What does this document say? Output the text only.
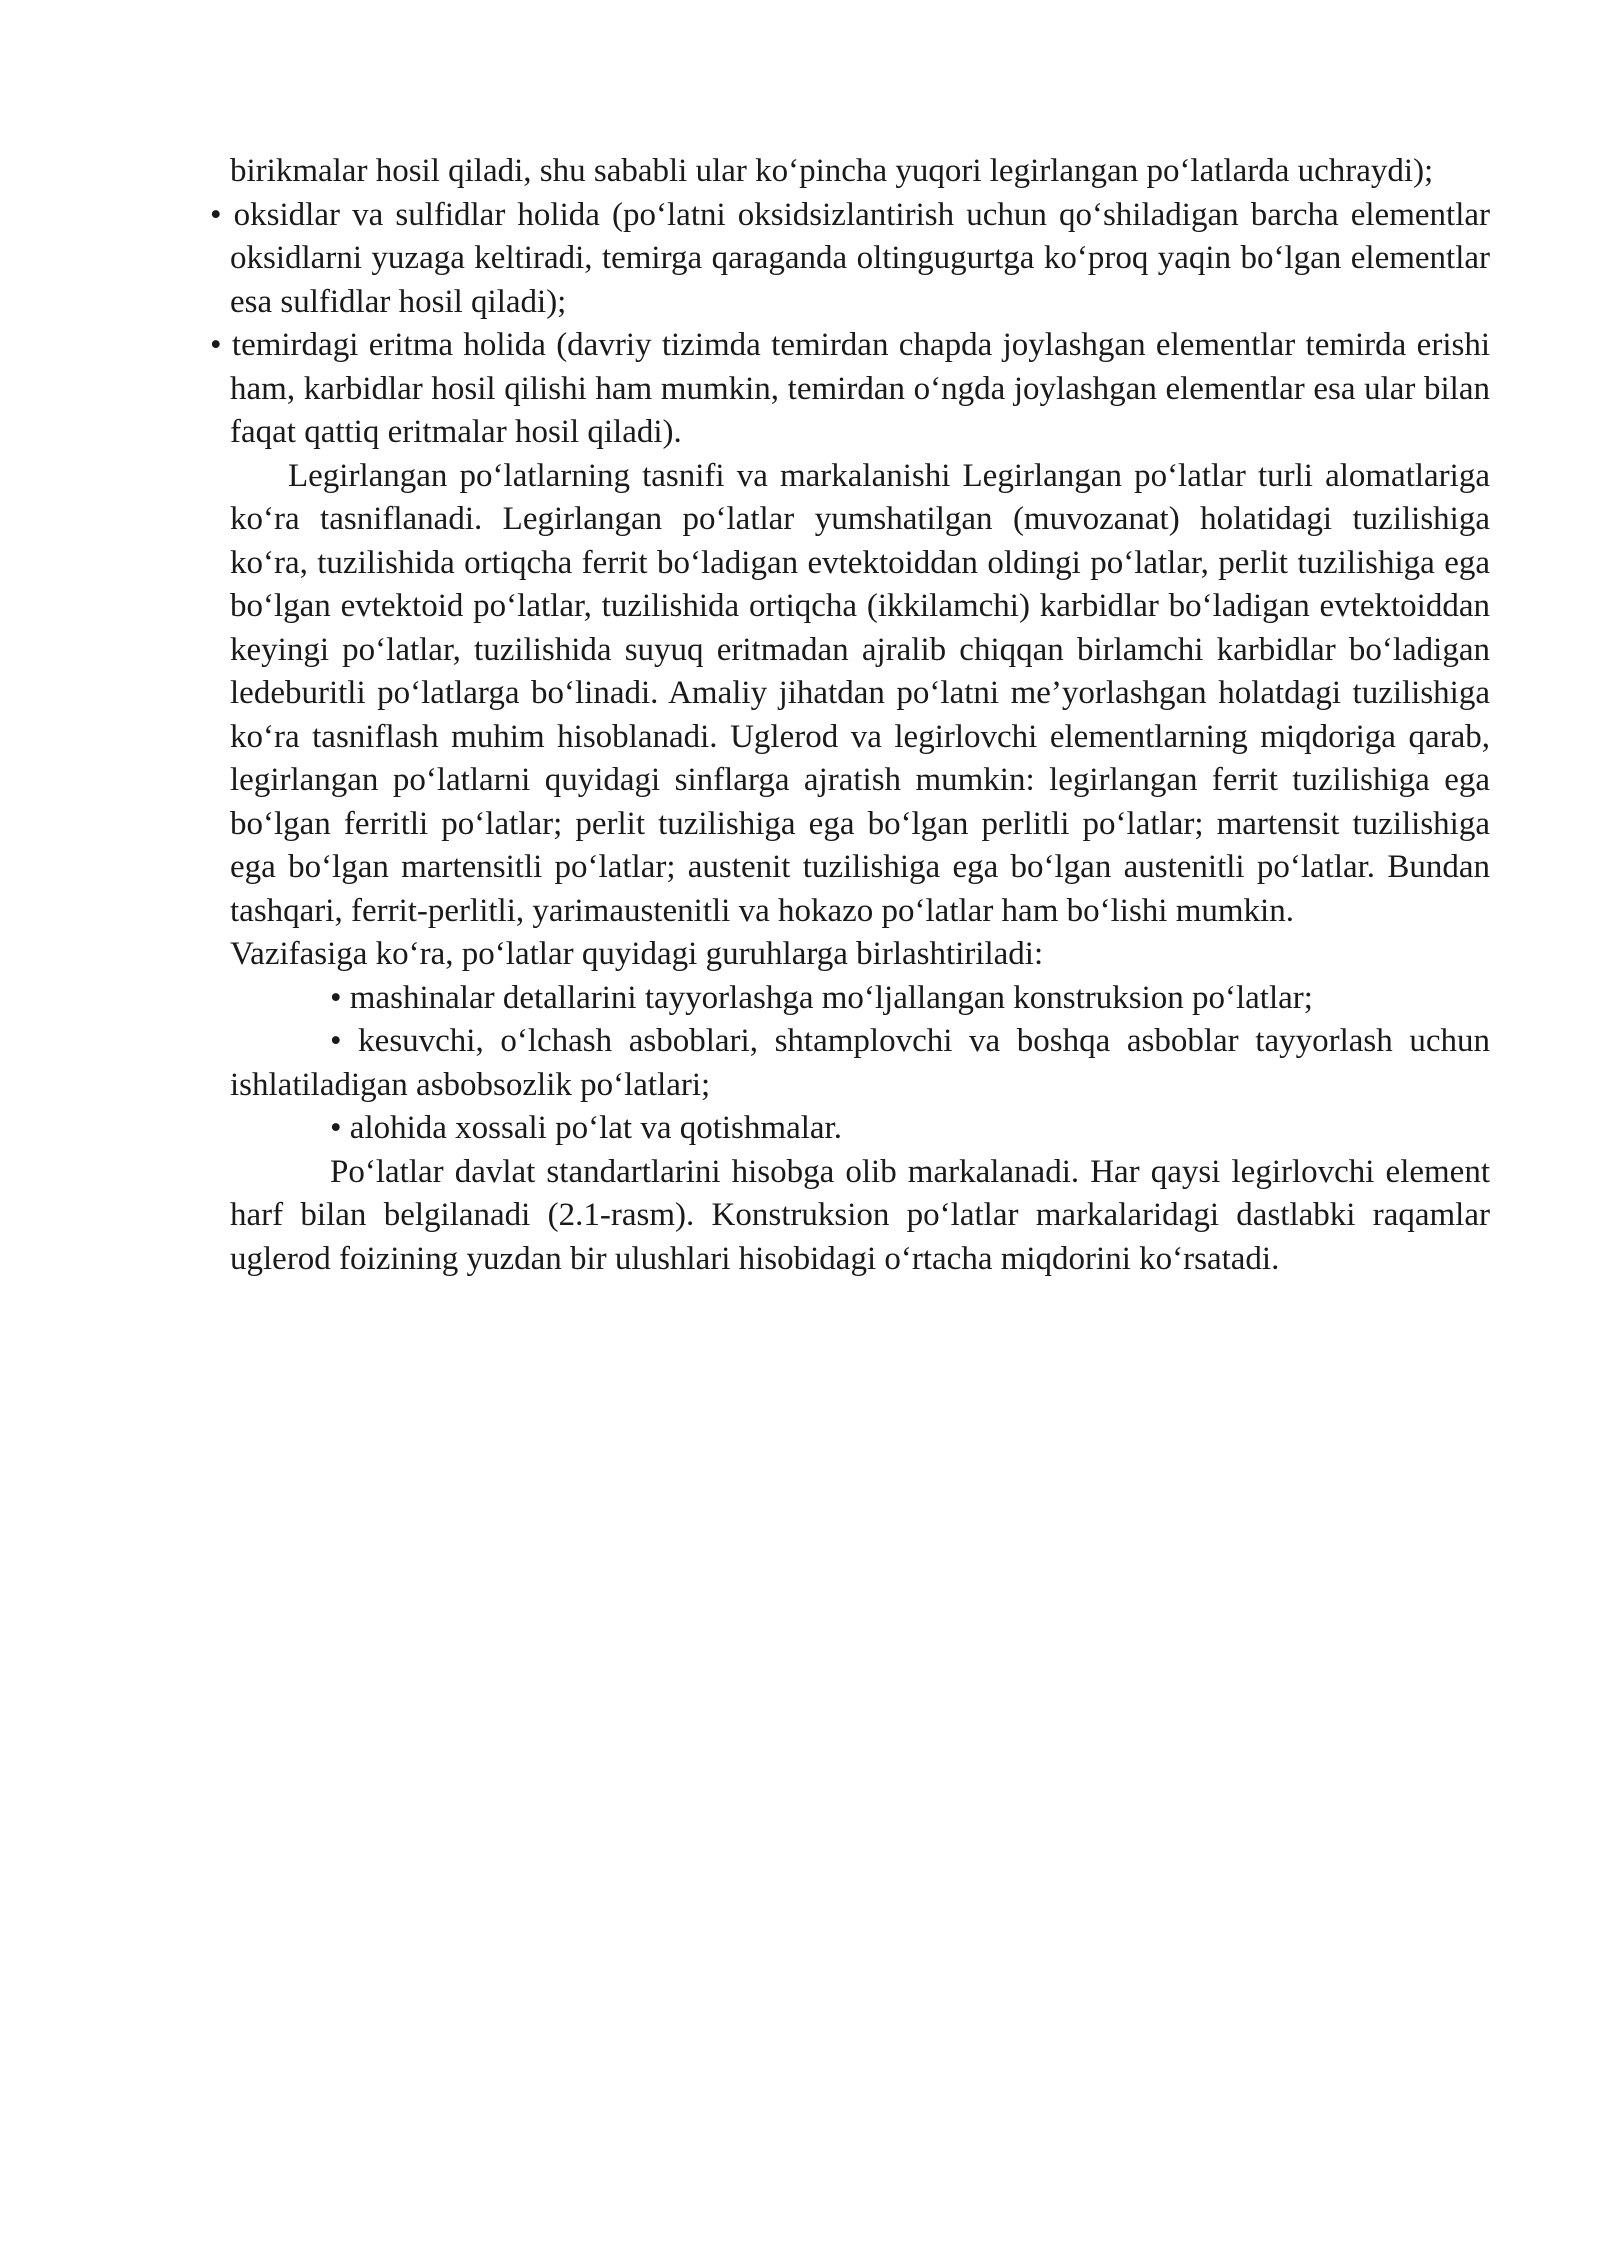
birikmalar hosil qiladi, shu sababli ular ko‘pincha yuqori legirlangan po‘latlarda uchraydi);

• oksidlar va sulfidlar holida (po‘latni oksidsizlantirish uchun qo‘shiladigan barcha elementlar oksidlarni yuzaga keltiradi, temirga qaraganda oltingugurtga ko‘proq yaqin bo‘lgan elementlar esa sulfidlar hosil qiladi);

• temirdagi eritma holida (davriy tizimda temirdan chapda joylashgan elementlar temirda erishi ham, karbidlar hosil qilishi ham mumkin, temirdan o‘ngda joylashgan elementlar esa ular bilan faqat qattiq eritmalar hosil qiladi).

Legirlangan po‘latlarning tasnifi va markalanishi Legirlangan po‘latlar turli alomatlariga ko‘ra tasniflanadi. Legirlangan po‘latlar yumshatilgan (muvozanat) holatidagi tuzilishiga ko‘ra, tuzilishida ortiqcha ferrit bo‘ladigan evtektoiddan oldingi po‘latlar, perlit tuzilishiga ega bo‘lgan evtektoid po‘latlar, tuzilishida ortiqcha (ikkilamchi) karbidlar bo‘ladigan evtektoiddan keyingi po‘latlar, tuzilishida suyuq eritmadan ajralib chiqqan birlamchi karbidlar bo‘ladigan ledeburitli po‘latlarga bo‘linadi. Amaliy jihatdan po‘latni me’yorlashgan holatdagi tuzilishiga ko‘ra tasniflash muhim hisoblanadi. Uglerod va legirlovchi elementlarning miqdoriga qarab, legirlangan po‘latlarni quyidagi sinflarga ajratish mumkin: legirlangan ferrit tuzilishiga ega bo‘lgan ferritli po‘latlar; perlit tuzilishiga ega bo‘lgan perlitli po‘latlar; martensit tuzilishiga ega bo‘lgan martensitli po‘latlar; austenit tuzilishiga ega bo‘lgan austenitli po‘latlar. Bundan tashqari, ferrit-perlitli, yarimaustenitli va hokazo po‘latlar ham bo‘lishi mumkin.

Vazifasiga ko‘ra, po‘latlar quyidagi guruhlarga birlashtiriladi:

• mashinalar detallarini tayyorlashga mo‘ljallangan konstruksion po‘latlar;

• kesuvchi, o‘lchash asboblari, shtamplovchi va boshqa asboblar tayyorlash uchun ishlatiladigan asbobsozlik po‘latlari;

• alohida xossali po‘lat va qotishmalar.

Po‘latlar davlat standartlarini hisobga olib markalanadi. Har qaysi legirlovchi element harf bilan belgilanadi (2.1-rasm). Konstruksion po‘latlar markalaridagi dastlabki raqamlar uglerod foizining yuzdan bir ulushlari hisobidagi o‘rtacha miqdorini ko‘rsatadi.
